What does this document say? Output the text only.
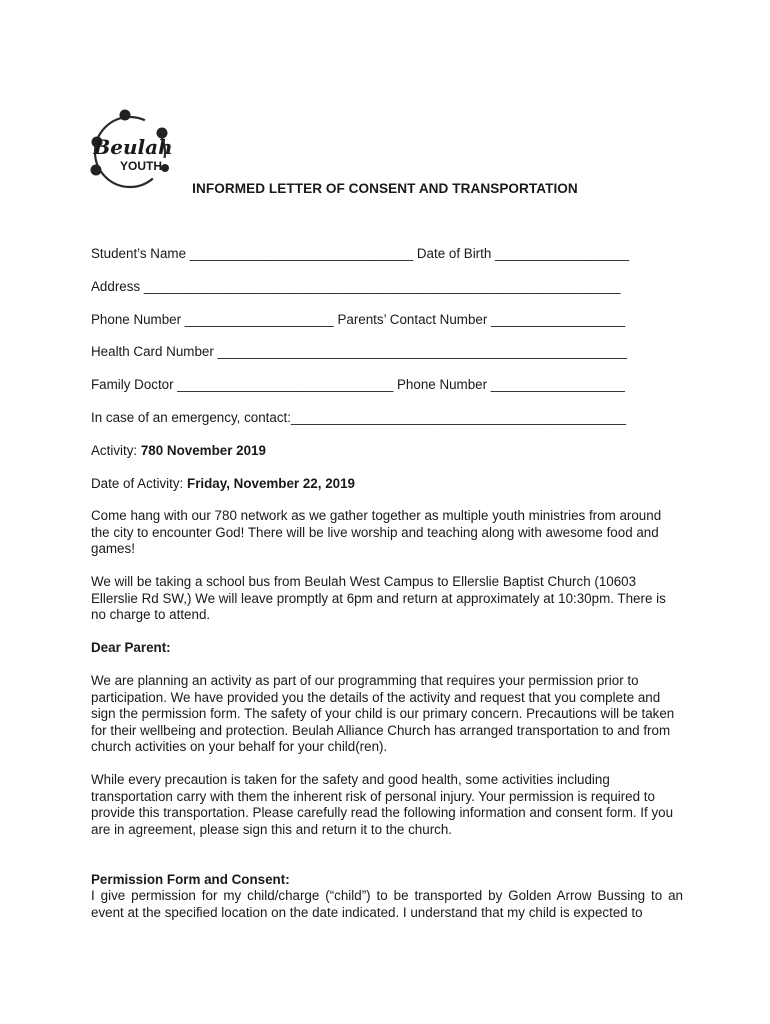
Beulah
YOUTH
INFORMED LETTER OF CONSENT AND TRANSPORTATION
Student’s Name ______________________________ Date of Birth __________________
Address ________________________________________________________________
Phone Number ____________________ Parents’ Contact Number __________________
Health Card Number _______________________________________________________
Family Doctor _____________________________ Phone Number __________________
In case of an emergency, contact:_____________________________________________
Activity: 780 November 2019
Date of Activity: Friday, November 22, 2019

Come hang with our 780 network as we gather together as multiple youth ministries from around the city to encounter God! There will be live worship and teaching along with awesome food and games!

We will be taking a school bus from Beulah West Campus to Ellerslie Baptist Church (10603 Ellerslie Rd SW,) We will leave promptly at 6pm and return at approximately at 10:30pm. There is no charge to attend.

Dear Parent:

We are planning an activity as part of our programming that requires your permission prior to participation. We have provided you the details of the activity and request that you complete and sign the permission form. The safety of your child is our primary concern. Precautions will be taken for their wellbeing and protection. Beulah Alliance Church has arranged transportation to and from church activities on your behalf for your child(ren).

While every precaution is taken for the safety and good health, some activities including transportation carry with them the inherent risk of personal injury. Your permission is required to provide this transportation. Please carefully read the following information and consent form. If you are in agreement, please sign this and return it to the church.

Permission Form and Consent:

I give permission for my child/charge (“child”) to be transported by Golden Arrow Bussing to an event at the specified location on the date indicated. I understand that my child is expected to
